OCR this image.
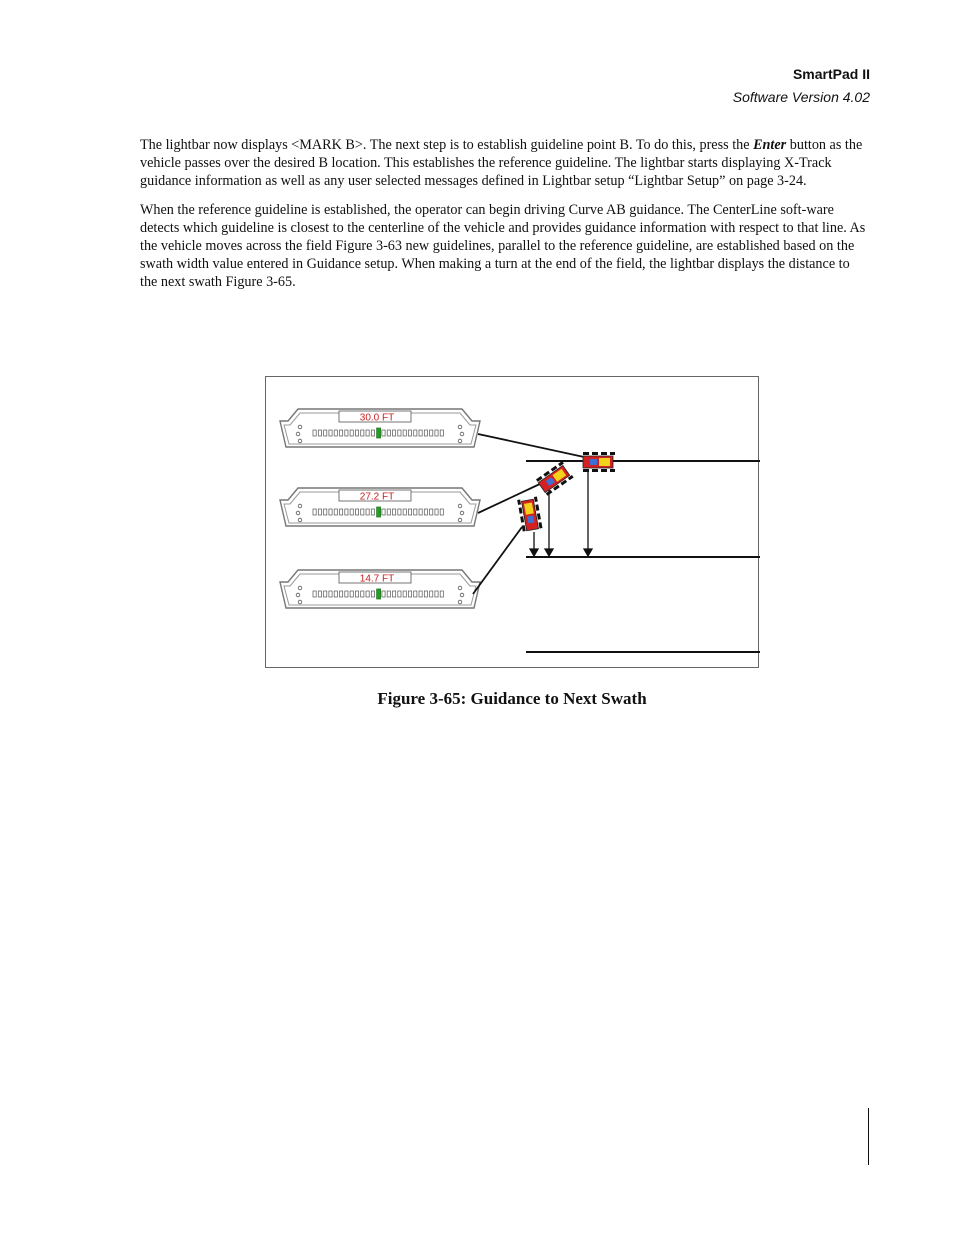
SmartPad II
Software Version 4.02

The lightbar now displays <MARK B>. The next step is to establish guideline point B. To do this, press the Enter button as the vehicle passes over the desired B location. This establishes the reference guideline. The lightbar starts displaying X-Track guidance information as well as any user selected messages defined in Lightbar setup “Lightbar Setup” on page 3-24.

When the reference guideline is established, the operator can begin driving Curve AB guidance. The CenterLine soft-ware detects which guideline is closest to the centerline of the vehicle and provides guidance information with respect to that line. As the vehicle moves across the field Figure 3-63 new guidelines, parallel to the reference guideline, are established based on the swath width value entered in Guidance setup. When making a turn at the end of the field, the lightbar displays the distance to the next swath Figure 3-65.

30.0 FT
27.2 FT
14.7 FT
Figure 3-65: Guidance to Next Swath
